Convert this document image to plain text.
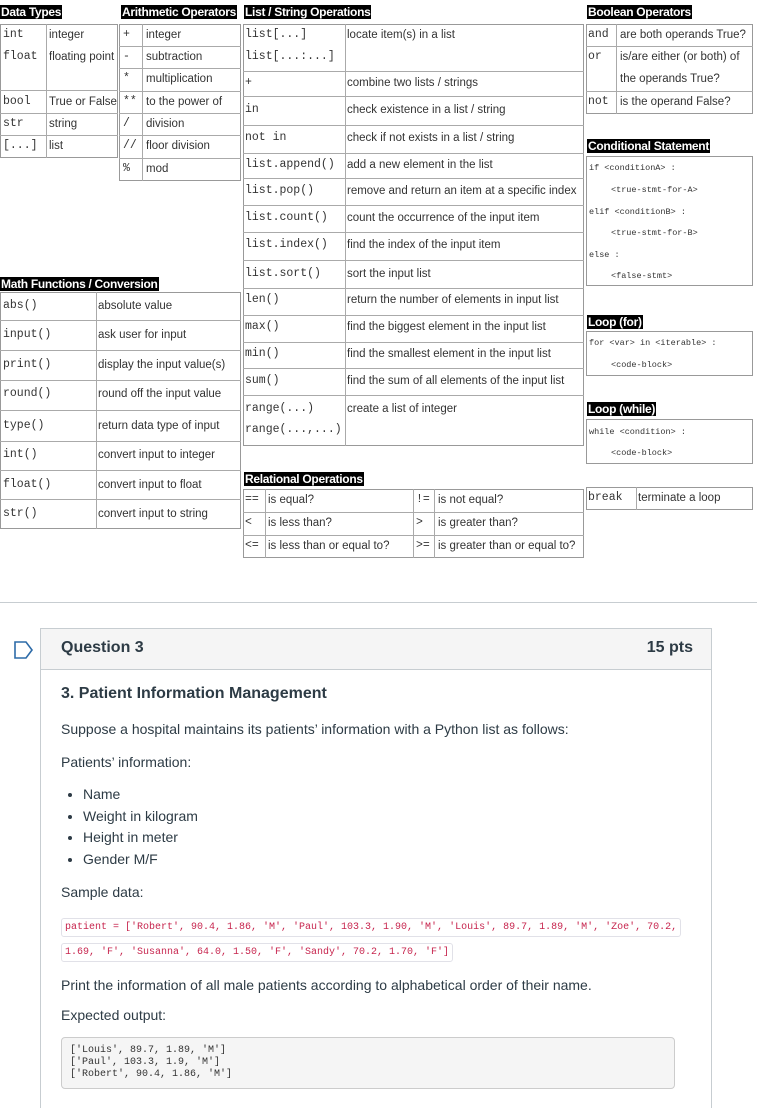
Data Types
int integer
float floating point
bool True or False
str string
[...] list
Arithmetic Operators
+ integer
- subtraction
* multiplication
** to the power of
/ division
// floor division
% mod
List / String Operations
list[...]
list[...:...]
locate item(s) in a list
+	combine two lists / strings
in	check existence in a list / string
not in	check if not exists in a list / string
list.append() add a new element in the list
list.pop()	remove and return an item at a specific index
list.count() count the occurrence of the input item
list.index() find the index of the input item
list.sort() sort the input list
len()	return the number of elements in input list
max()	find the biggest element in the input list
min()	find the smallest element in the input list
sum()	find the sum of all elements of the input list
range(...)
range(...,...)
create a list of integer
Boolean Operators
and are both operands True?
or is/are either (or both) of the operands True?
not is the operand False?
Conditional Statement
if <conditionA> :
<true-stmt-for-A>
elif <conditionB> :
<true-stmt-for-B>
else :
<false-stmt>
Loop (for)
for <var> in <iterable> :
<code-block>
Loop (while)
while <condition> :
<code-block>
break terminate a loop
Math Functions / Conversion
abs()	absolute value
input()	ask user for input
print()	display the input value(s)
round()	round off the input value
type()	return data type of input
int()	convert input to integer
float()	convert input to float
str()	convert input to string
Relational Operations
== is equal?	!= is not equal?
< is less than?	> is greater than?
<= is less than or equal to? >= is greater than or equal to?
Question 3	15 pts
3. Patient Information Management

Suppose a hospital maintains its patients’ information with a Python list as follows:

Patients’ information:

• Name
• Weight in kilogram
• Height in meter
• Gender M/F

Sample data:

patient = ['Robert', 90.4, 1.86, 'M', 'Paul', 103.3, 1.90, 'M', 'Louis', 89.7, 1.89, 'M', 'Zoe', 70.2, 1.69, 'F', 'Susanna', 64.0, 1.50, 'F', 'Sandy', 70.2, 1.70, 'F']

Print the information of all male patients according to alphabetical order of their name.

Expected output:

['Louis', 89.7, 1.89, 'M']
['Paul', 103.3, 1.9, 'M']
['Robert', 90.4, 1.86, 'M']
